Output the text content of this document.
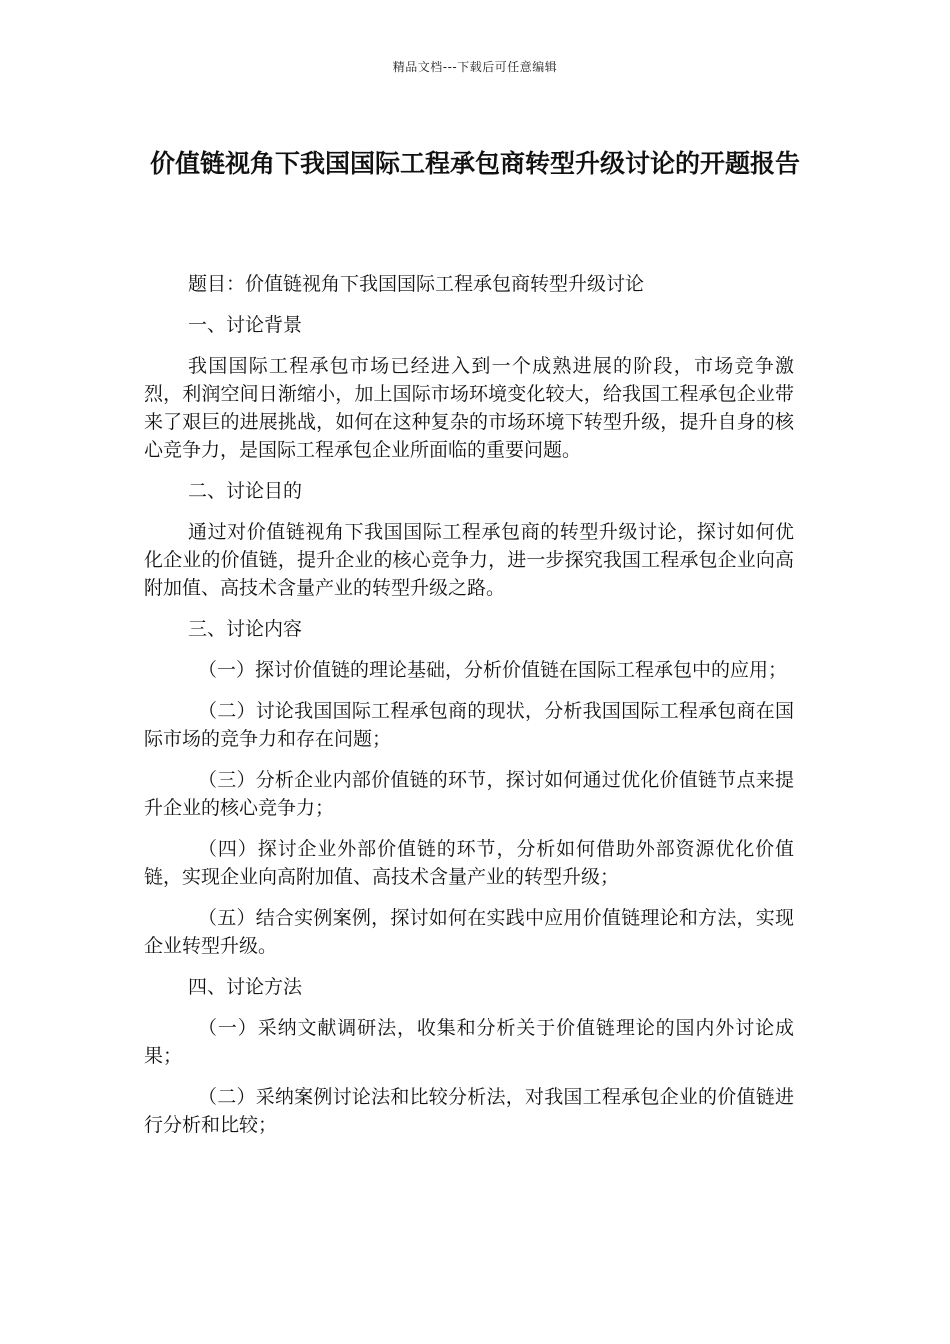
精品文档---下载后可任意编辑
价值链视角下我国国际工程承包商转型升级讨论的开题报告

题目：价值链视角下我国国际工程承包商转型升级讨论

一、讨论背景

我国国际工程承包市场已经进入到一个成熟进展的阶段，市场竞争激烈，利润空间日渐缩小，加上国际市场环境变化较大，给我国工程承包企业带来了艰巨的进展挑战，如何在这种复杂的市场环境下转型升级，提升自身的核心竞争力，是国际工程承包企业所面临的重要问题。

二、讨论目的

通过对价值链视角下我国国际工程承包商的转型升级讨论，探讨如何优化企业的价值链，提升企业的核心竞争力，进一步探究我国工程承包企业向高附加值、高技术含量产业的转型升级之路。

三、讨论内容

（一）探讨价值链的理论基础，分析价值链在国际工程承包中的应用；

（二）讨论我国国际工程承包商的现状，分析我国国际工程承包商在国际市场的竞争力和存在问题；

（三）分析企业内部价值链的环节，探讨如何通过优化价值链节点来提升企业的核心竞争力；

（四）探讨企业外部价值链的环节，分析如何借助外部资源优化价值链，实现企业向高附加值、高技术含量产业的转型升级；

（五）结合实例案例，探讨如何在实践中应用价值链理论和方法，实现企业转型升级。

四、讨论方法

（一）采纳文献调研法，收集和分析关于价值链理论的国内外讨论成果；

（二）采纳案例讨论法和比较分析法，对我国工程承包企业的价值链进行分析和比较；
